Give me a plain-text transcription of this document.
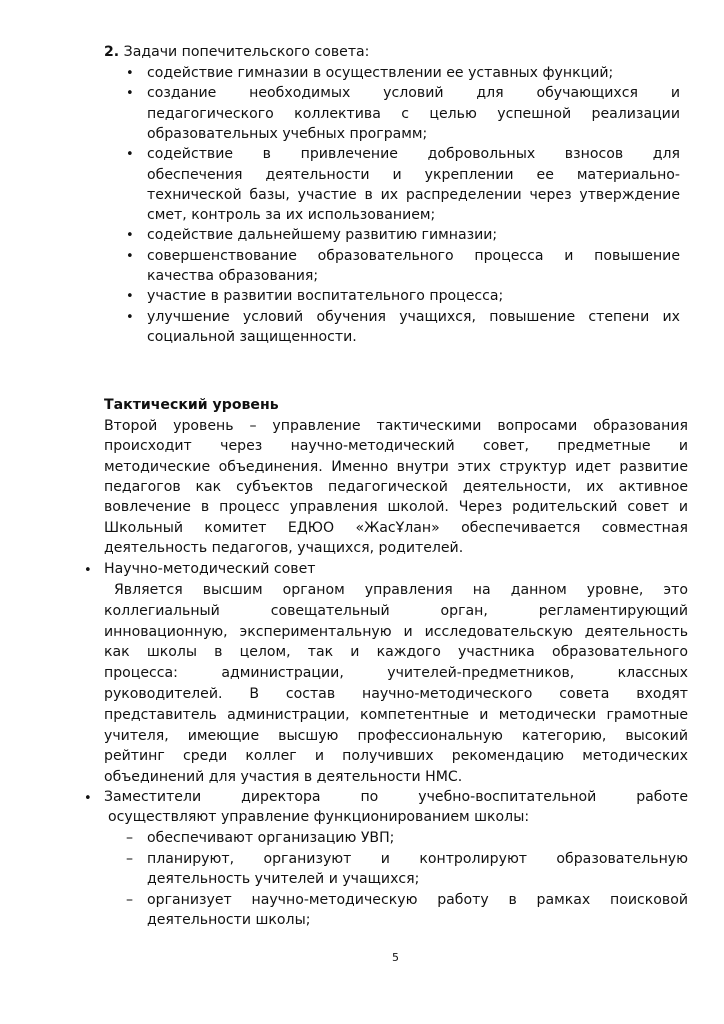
2. Задачи попечительского совета:
• содействие гимназии в осуществлении ее уставных функций;
• создание необходимых условий для обучающихся и
педагогического коллектива с целью успешной реализации
образовательных учебных программ;
• содействие в привлечение добровольных взносов для
обеспечения деятельности и укреплении ее материально-
технической базы, участие в их распределении через утверждение
смет, контроль за их использованием;
• содействие дальнейшему развитию гимназии;
• совершенствование образовательного процесса и повышение
качества образования;
• участие в развитии воспитательного процесса;
• улучшение условий обучения учащихся, повышение степени их
социальной защищенности.
Тактический уровень
Второй уровень – управление тактическими вопросами образования
происходит через научно-методический совет, предметные и
методические объединения. Именно внутри этих структур идет развитие
педагогов как субъектов педагогической деятельности, их активное
вовлечение в процесс управления школой. Через родительский совет и
Школьный комитет ЕДЮО «ЖасҰлан» обеспечивается совместная
деятельность педагогов, учащихся, родителей.
• Научно-методический совет
Является высшим органом управления на данном уровне, это
коллегиальный совещательный орган, регламентирующий
инновационную, экспериментальную и исследовательскую деятельность
как школы в целом, так и каждого участника образовательного
процесса: администрации, учителей-предметников, классных
руководителей. В состав научно-методического совета входят
представитель администрации, компетентные и методически грамотные
учителя, имеющие высшую профессиональную категорию, высокий
рейтинг среди коллег и получивших рекомендацию методических
объединений для участия в деятельности НМС.
• Заместители директора по учебно-воспитательной работе
осуществляют управление функционированием школы:
– обеспечивают организацию УВП;
– планируют, организуют и контролируют образовательную
деятельность учителей и учащихся;
– организует научно-методическую работу в рамках поисковой
деятельности школы;
5
